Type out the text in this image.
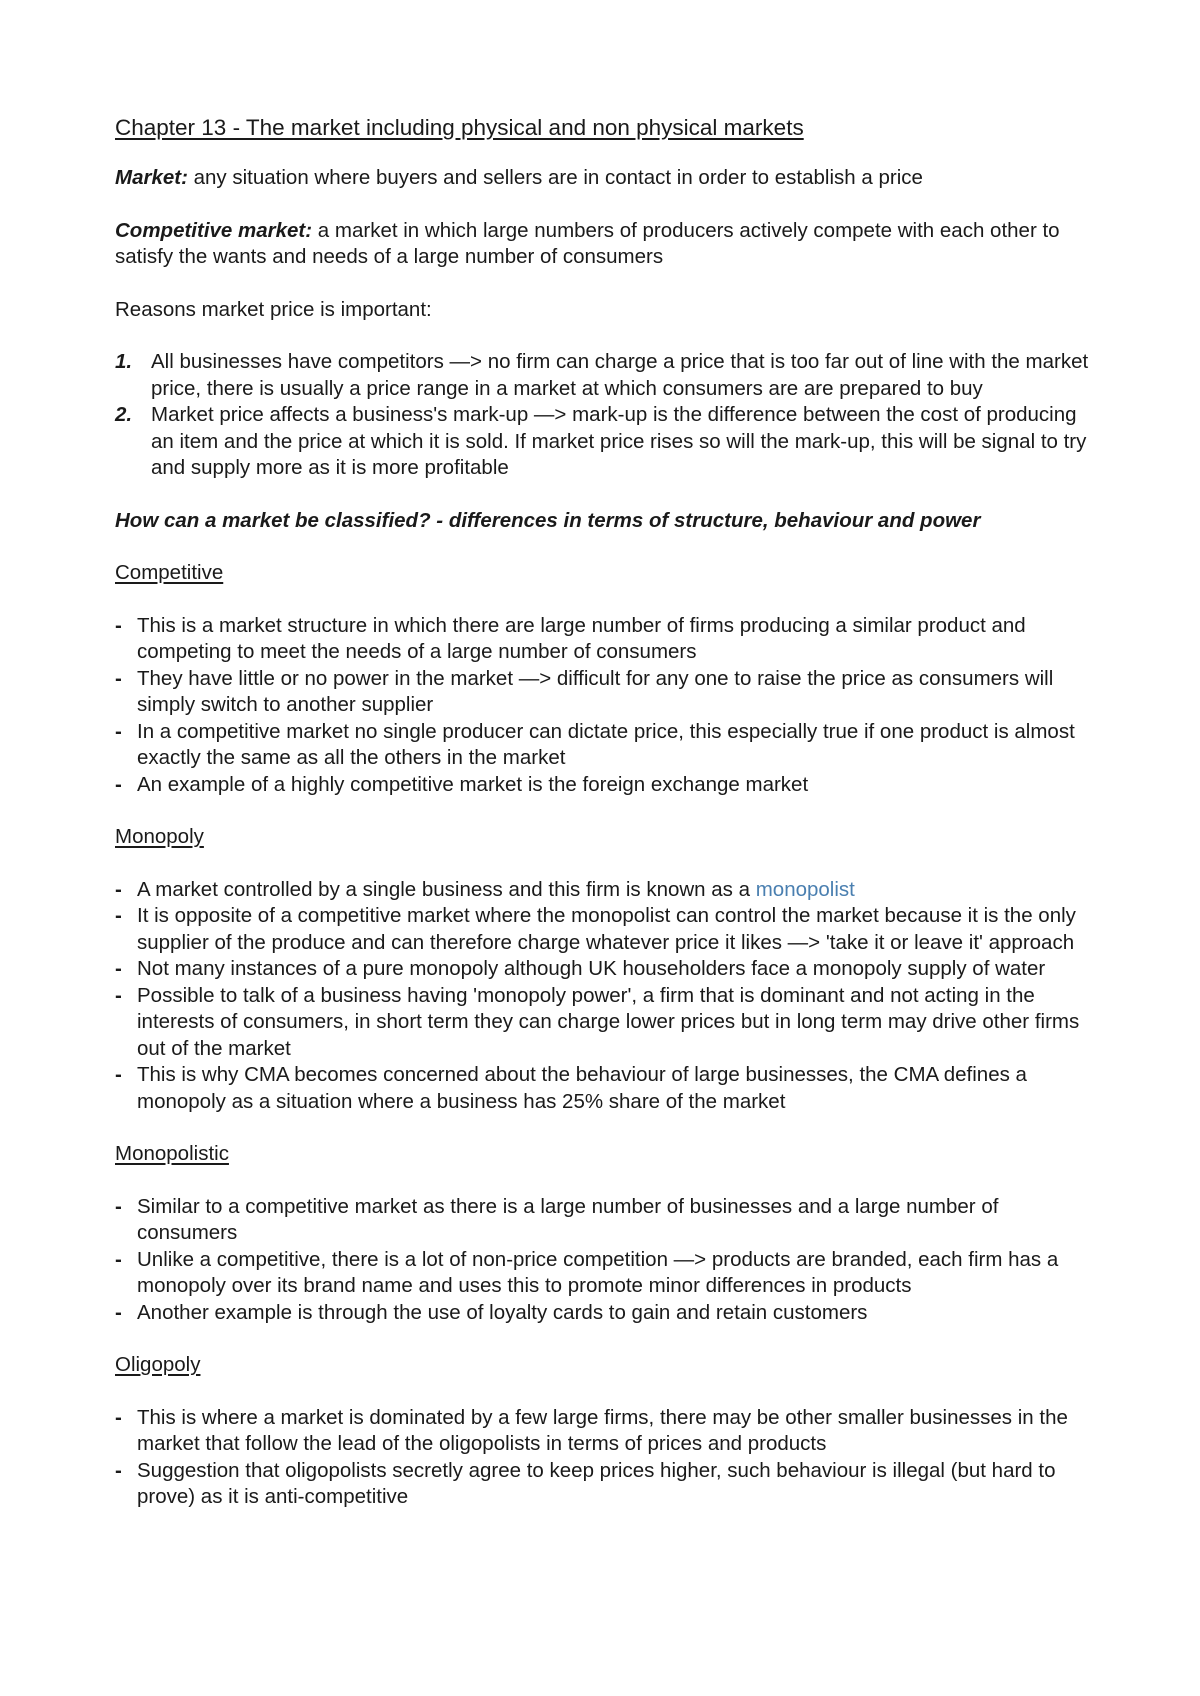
Chapter 13 - The market including physical and non physical markets

Market: any situation where buyers and sellers are in contact in order to establish a price

Competitive market: a market in which large numbers of producers actively compete with each other to satisfy the wants and needs of a large number of consumers

Reasons market price is important:

1. All businesses have competitors —> no firm can charge a price that is too far out of line with the market price, there is usually a price range in a market at which consumers are are prepared to buy
2. Market price affects a business's mark-up —> mark-up is the difference between the cost of producing an item and the price at which it is sold. If market price rises so will the mark-up, this will be signal to try and supply more as it is more profitable
How can a market be classified? - differences in terms of structure, behaviour and power
Competitive
- This is a market structure in which there are large number of firms producing a similar product and competing to meet the needs of a large number of consumers
- They have little or no power in the market —> difficult for any one to raise the price as consumers will simply switch to another supplier
- In a competitive market no single producer can dictate price, this especially true if one product is almost exactly the same as all the others in the market
- An example of a highly competitive market is the foreign exchange market
Monopoly
- A market controlled by a single business and this firm is known as a monopolist
- It is opposite of a competitive market where the monopolist can control the market because it is the only supplier of the produce and can therefore charge whatever price it likes —> 'take it or leave it' approach
- Not many instances of a pure monopoly although UK householders face a monopoly supply of water
- Possible to talk of a business having 'monopoly power', a firm that is dominant and not acting in the interests of consumers, in short term they can charge lower prices but in long term may drive other firms out of the market
- This is why CMA becomes concerned about the behaviour of large businesses, the CMA defines a monopoly as a situation where a business has 25% share of the market
Monopolistic
- Similar to a competitive market as there is a large number of businesses and a large number of consumers
- Unlike a competitive, there is a lot of non-price competition —> products are branded, each firm has a monopoly over its brand name and uses this to promote minor differences in products
- Another example is through the use of loyalty cards to gain and retain customers
Oligopoly
- This is where a market is dominated by a few large firms, there may be other smaller businesses in the market that follow the lead of the oligopolists in terms of prices and products
- Suggestion that oligopolists secretly agree to keep prices higher, such behaviour is illegal (but hard to prove) as it is anti-competitive
